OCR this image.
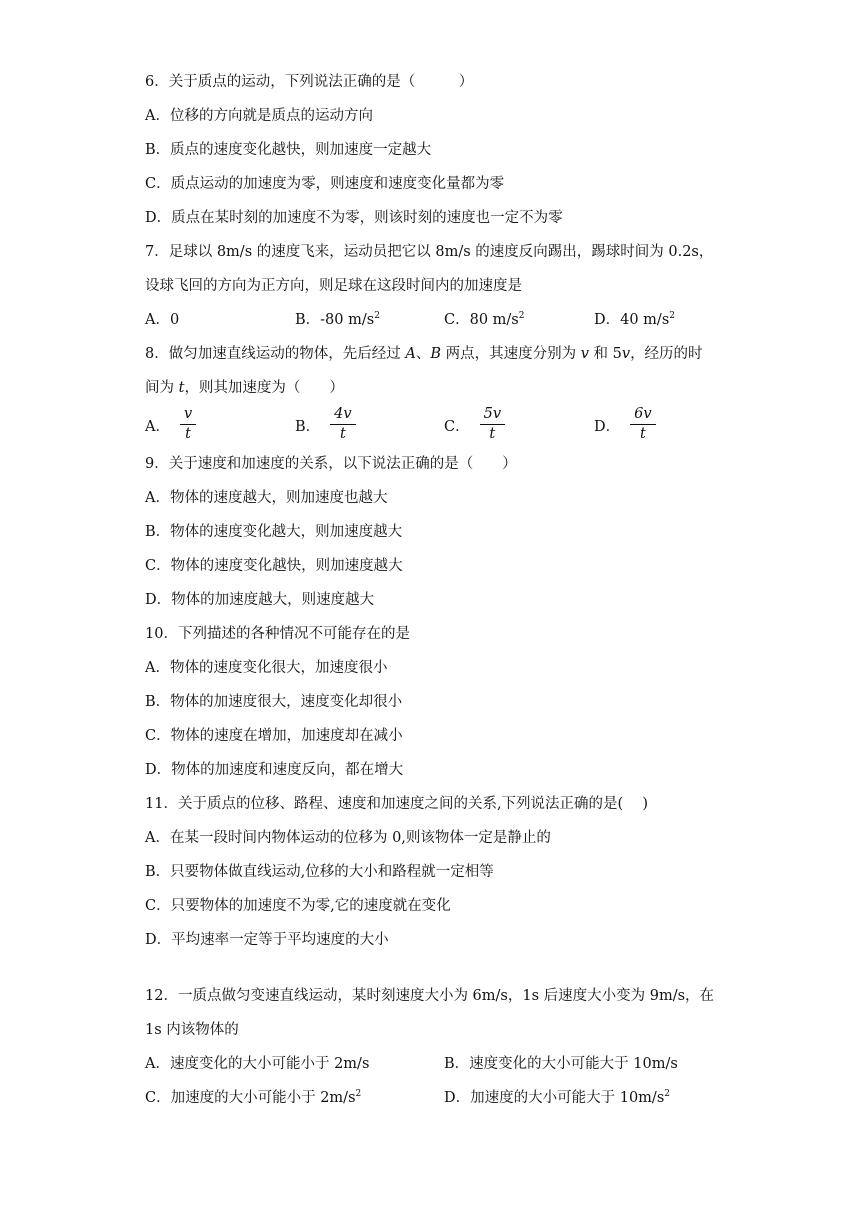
6．关于质点的运动，下列说法正确的是（　　　）
A．位移的方向就是质点的运动方向
B．质点的速度变化越快，则加速度一定越大
C．质点运动的加速度为零，则速度和速度变化量都为零
D．质点在某时刻的加速度不为零，则该时刻的速度也一定不为零
7．足球以 8m/s 的速度飞来，运动员把它以 8m/s 的速度反向踢出，踢球时间为 0.2s，
设球飞回的方向为正方向，则足球在这段时间内的加速度是
A．0	B．-80 $m/s^2$	C．80 $m/s^2$	D．40 $m/s^2$
8．做匀加速直线运动的物体，先后经过 A、B 两点，其速度分别为 v 和 5v，经历的时
间为 t，则其加速度为（　　）
A． $\frac{v}{t}$	B． $\frac{4v}{t}$	C． $\frac{5v}{t}$	D． $\frac{6v}{t}$
9．关于速度和加速度的关系，以下说法正确的是（　　）
A．物体的速度越大，则加速度也越大
B．物体的速度变化越大，则加速度越大
C．物体的速度变化越快，则加速度越大
D．物体的加速度越大，则速度越大
10．下列描述的各种情况不可能存在的是
A．物体的速度变化很大，加速度很小
B．物体的加速度很大，速度变化却很小
C．物体的速度在增加，加速度却在减小
D．物体的加速度和速度反向，都在增大
11．关于质点的位移、路程、速度和加速度之间的关系,下列说法正确的是(　 )
A．在某一段时间内物体运动的位移为 0,则该物体一定是静止的
B．只要物体做直线运动,位移的大小和路程就一定相等
C．只要物体的加速度不为零,它的速度就在变化
D．平均速率一定等于平均速度的大小
12．一质点做匀变速直线运动，某时刻速度大小为 6m/s，1s 后速度大小变为 9m/s，在
1s 内该物体的
A．速度变化的大小可能小于 2m/s	B．速度变化的大小可能大于 10m/s
C．加速度的大小可能小于 $2m/s^2$	D．加速度的大小可能大于 $10m/s^2$
